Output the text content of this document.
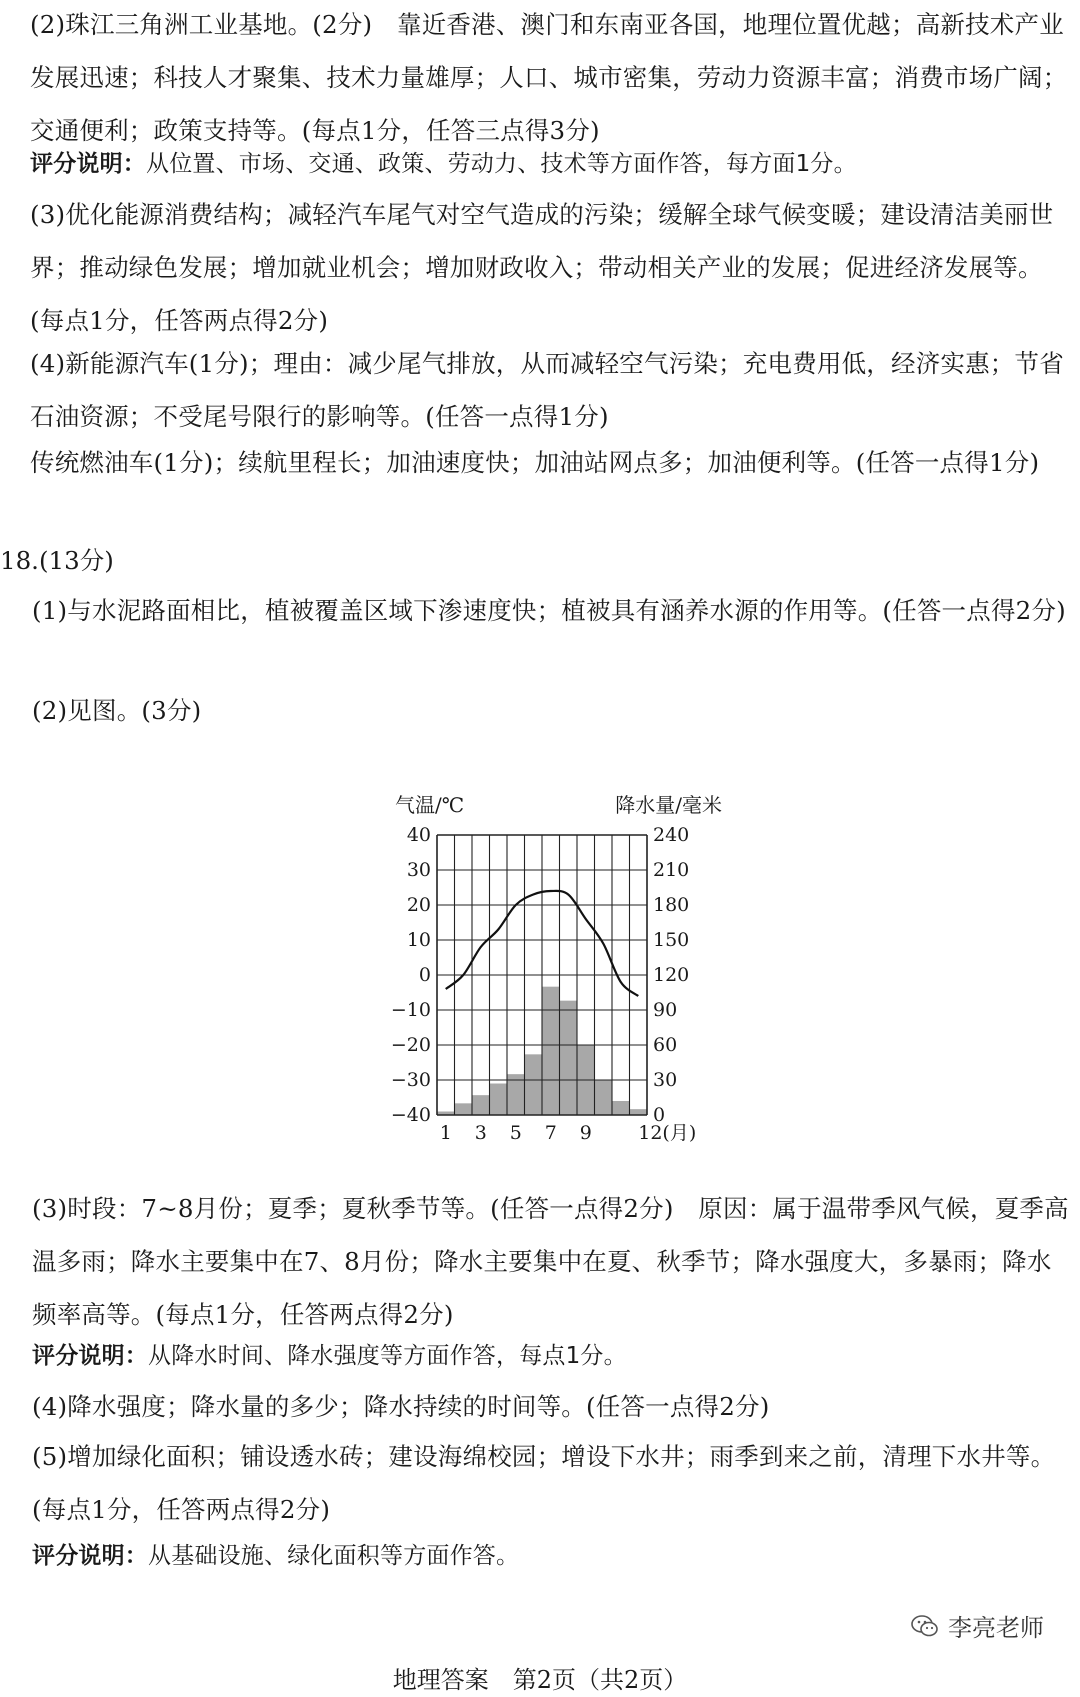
(2)珠江三角洲工业基地。(2分)　靠近香港、澳门和东南亚各国，地理位置优越；高新技术产业发展迅速；科技人才聚集、技术力量雄厚；人口、城市密集，劳动力资源丰富；消费市场广阔；交通便利；政策支持等。(每点1分，任答三点得3分)

评分说明：从位置、市场、交通、政策、劳动力、技术等方面作答，每方面1分。

(3)优化能源消费结构；减轻汽车尾气对空气造成的污染；缓解全球气候变暖；建设清洁美丽世界；推动绿色发展；增加就业机会；增加财政收入；带动相关产业的发展；促进经济发展等。(每点1分，任答两点得2分)

(4)新能源汽车(1分)；理由：减少尾气排放，从而减轻空气污染；充电费用低，经济实惠；节省石油资源；不受尾号限行的影响等。(任答一点得1分)

传统燃油车(1分)；续航里程长；加油速度快；加油站网点多；加油便利等。(任答一点得1分)

18.(13分)

(1)与水泥路面相比，植被覆盖区域下渗速度快；植被具有涵养水源的作用等。(任答一点得2分)

(2)见图。(3分)

40
30
20
10
0
−10
−20
−30
−40
240
210
180
150
120
90
60
30
0
1 3 5 7 9 12(月)
气温/℃	降水量/毫米

(3)时段：7~8月份；夏季；夏秋季节等。(任答一点得2分)　原因：属于温带季风气候，夏季高温多雨；降水主要集中在7、8月份；降水主要集中在夏、秋季节；降水强度大，多暴雨；降水频率高等。(每点1分，任答两点得2分)

评分说明：从降水时间、降水强度等方面作答，每点1分。

(4)降水强度；降水量的多少；降水持续的时间等。(任答一点得2分)

(5)增加绿化面积；铺设透水砖；建设海绵校园；增设下水井；雨季到来之前，清理下水井等。(每点1分，任答两点得2分)

评分说明：从基础设施、绿化面积等方面作答。

李亮老师
地理答案　第2页（共2页）
